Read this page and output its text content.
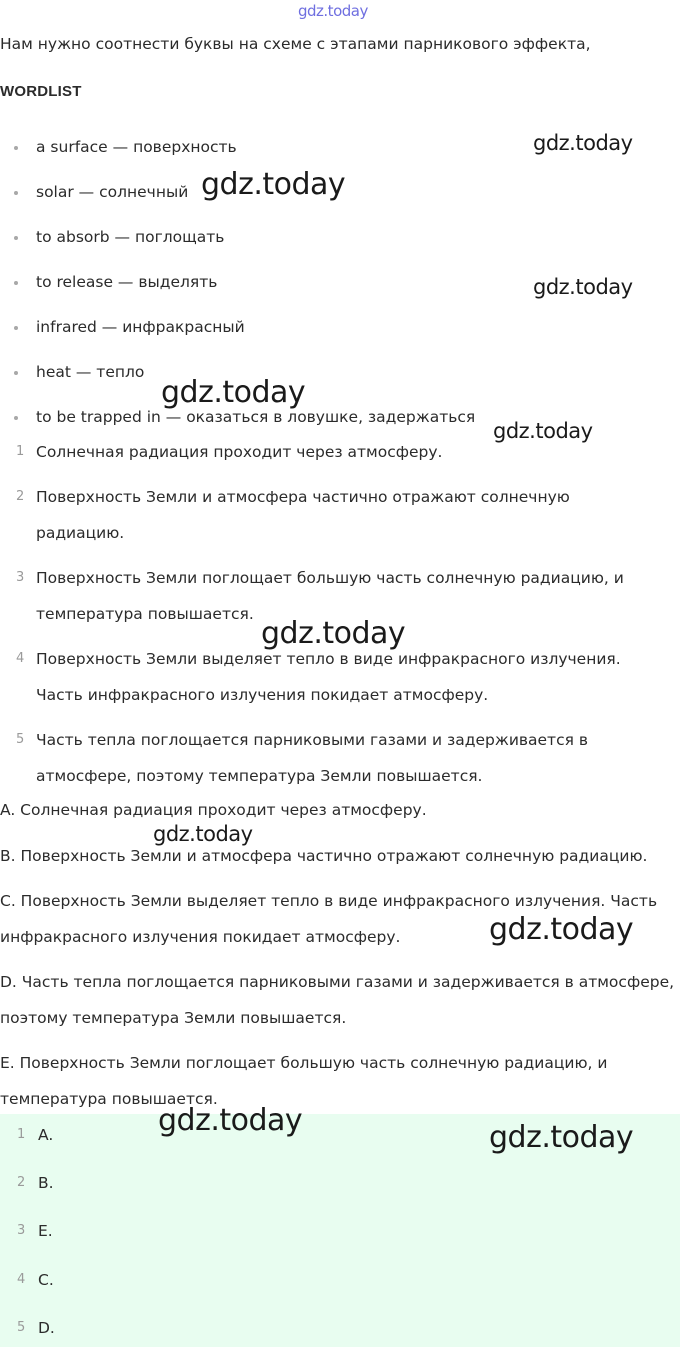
gdz.today
Нам нужно соотнести буквы на схеме с этапами парникового эффекта,
WORDLIST
a surface — поверхность
solar — солнечный
to absorb — поглощать
to release — выделять
infrared — инфракрасный
heat — тепло
to be trapped in — оказаться в ловушке, задержаться
1 Солнечная радиация проходит через атмосферу.
2 Поверхность Земли и атмосфера частично отражают солнечную радиацию.
3 Поверхность Земли поглощает большую часть солнечную радиацию, и температура повышается.
4 Поверхность Земли выделяет тепло в виде инфракрасного излучения. Часть инфракрасного излучения покидает атмосферу.
5 Часть тепла поглощается парниковыми газами и задерживается в атмосфере, поэтому температура Земли повышается.
A. Солнечная радиация проходит через атмосферу.
B. Поверхность Земли и атмосфера частично отражают солнечную радиацию.
C. Поверхность Земли выделяет тепло в виде инфракрасного излучения. Часть инфракрасного излучения покидает атмосферу.
D. Часть тепла поглощается парниковыми газами и задерживается в атмосфере, поэтому температура Земли повышается.
E. Поверхность Земли поглощает большую часть солнечную радиацию, и температура повышается.
1 A.
2 B.
3 E.
4 C.
5 D.
gdz.today
gdz.today
gdz.today
gdz.today
gdz.today
gdz.today
gdz.today
gdz.today
gdz.today	gdz.today
